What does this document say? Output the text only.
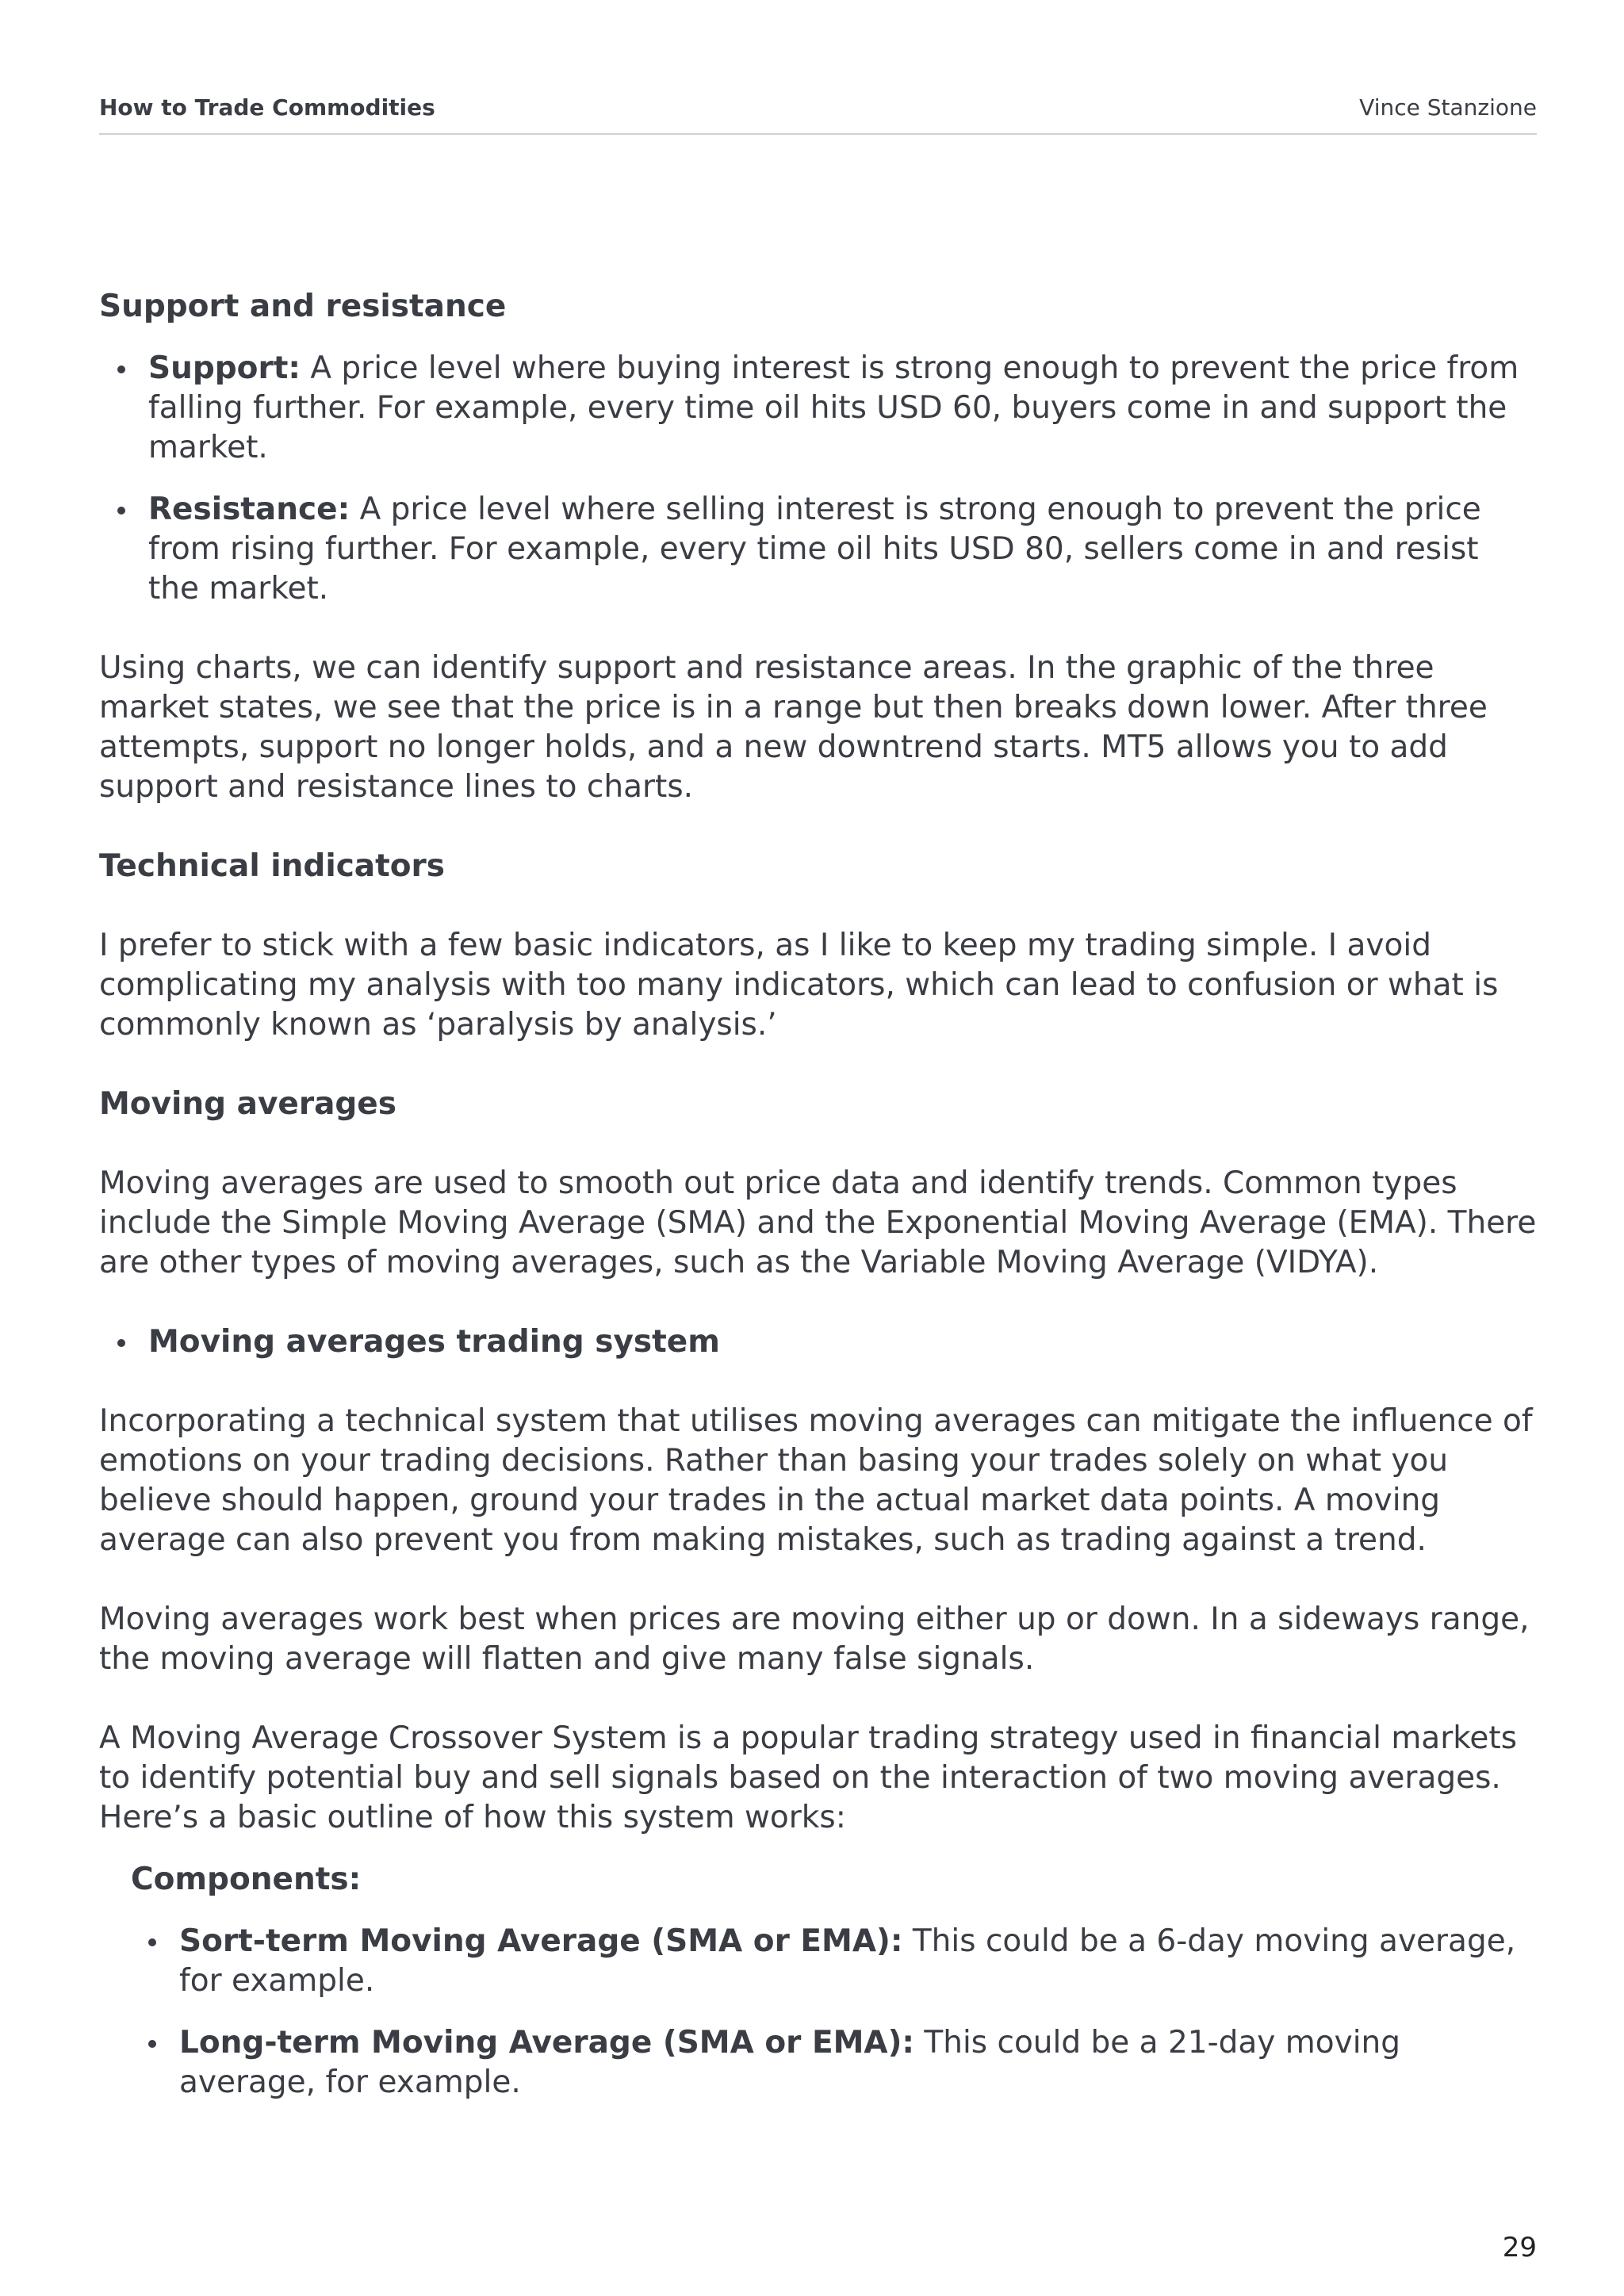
How to Trade Commodities	Vince Stanzione
Support and resistance
Support: A price level where buying interest is strong enough to prevent the price from falling further. For example, every time oil hits USD 60, buyers come in and support the market.
Resistance: A price level where selling interest is strong enough to prevent the price from rising further. For example, every time oil hits USD 80, sellers come in and resist the market.

Using charts, we can identify support and resistance areas. In the graphic of the three market states, we see that the price is in a range but then breaks down lower. After three attempts, support no longer holds, and a new downtrend starts. MT5 allows you to add support and resistance lines to charts.

Technical indicators

I prefer to stick with a few basic indicators, as I like to keep my trading simple. I avoid complicating my analysis with too many indicators, which can lead to confusion or what is commonly known as ‘paralysis by analysis.’

Moving averages

Moving averages are used to smooth out price data and identify trends. Common types include the Simple Moving Average (SMA) and the Exponential Moving Average (EMA). There are other types of moving averages, such as the Variable Moving Average (VIDYA).

Moving averages trading system

Incorporating a technical system that utilises moving averages can mitigate the influence of emotions on your trading decisions. Rather than basing your trades solely on what you believe should happen, ground your trades in the actual market data points. A moving average can also prevent you from making mistakes, such as trading against a trend.

Moving averages work best when prices are moving either up or down. In a sideways range, the moving average will flatten and give many false signals.

A Moving Average Crossover System is a popular trading strategy used in financial markets to identify potential buy and sell signals based on the interaction of two moving averages. Here’s a basic outline of how this system works:

Components:
Sort-term Moving Average (SMA or EMA): This could be a 6-day moving average, for example.
Long-term Moving Average (SMA or EMA): This could be a 21-day moving average, for example.
29
